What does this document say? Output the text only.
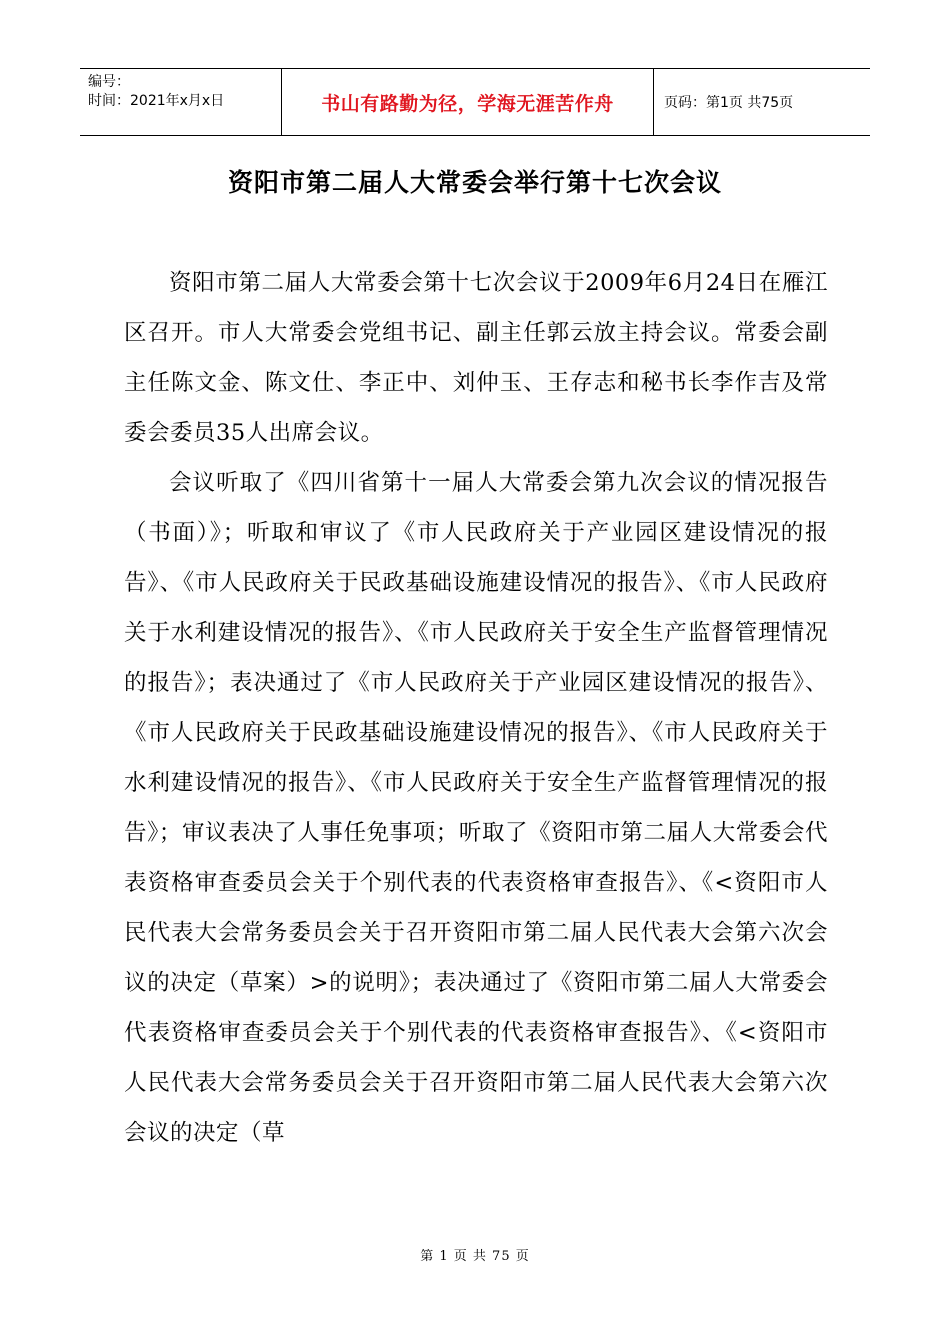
编号：
时间：2021年x月x日	书山有路勤为径，学海无涯苦作舟	页码：第1页 共75页
资阳市第二届人大常委会举行第十七次会议

资阳市第二届人大常委会第十七次会议于2009年6月24日在雁江区召开。市人大常委会党组书记、副主任郭云放主持会议。常委会副主任陈文金、陈文仕、李正中、刘仲玉、王存志和秘书长李作吉及常委会委员35人出席会议。

会议听取了《四川省第十一届人大常委会第九次会议的情况报告（书面）》；听取和审议了《市人民政府关于产业园区建设情况的报告》、《市人民政府关于民政基础设施建设情况的报告》、《市人民政府关于水利建设情况的报告》、《市人民政府关于安全生产监督管理情况的报告》；表决通过了《市人民政府关于产业园区建设情况的报告》、《市人民政府关于民政基础设施建设情况的报告》、《市人民政府关于水利建设情况的报告》、《市人民政府关于安全生产监督管理情况的报告》；审议表决了人事任免事项；听取了《资阳市第二届人大常委会代表资格审查委员会关于个别代表的代表资格审查报告》、《<资阳市人民代表大会常务委员会关于召开资阳市第二届人民代表大会第六次会议的决定（草案）>的说明》；表决通过了《资阳市第二届人大常委会代表资格审查委员会关于个别代表的代表资格审查报告》、《<资阳市人民代表大会常务委员会关于召开资阳市第二届人民代表大会第六次会议的决定（草

第 1 页 共 75 页
